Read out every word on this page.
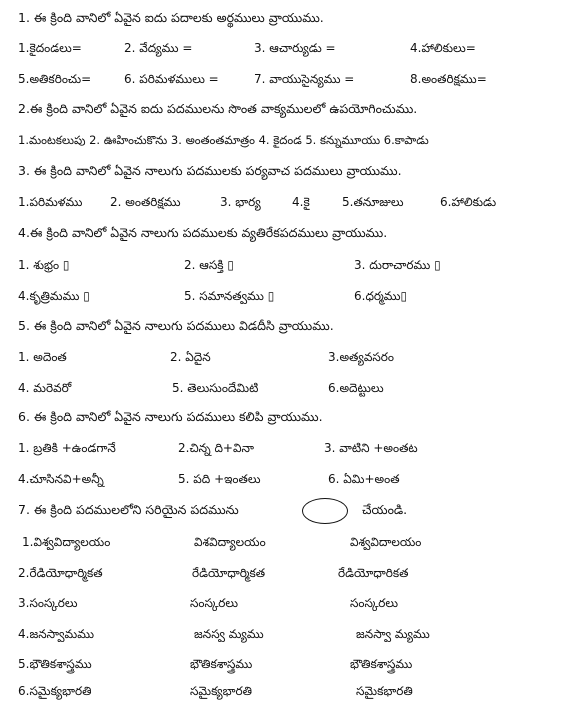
1. ఈ క్రింది వానిలో ఏవైన ఐదు పదాలకు అర్థములు వ్రాయుము.
1.కైదండలు=	2. వేద్యము =	3. ఆచార్యుడు =	4.హాలికులు=
5.అతికరించు=	6. పరిమళములు =	7. వాయుసైన్యము =	8.అంతరిక్షము=
2.ఈ క్రింది వానిలో ఏవైన ఐదు పదములను సొంత వాక్యములలో ఉపయోగించుము.
1.మంటకలుపు 2. ఊహించుకొను 3. అంతంతమాత్రం 4. కైదండ 5. కన్నుమూయు 6.కాపాడు
3. ఈ క్రింది వానిలో ఏవైన నాలుగు పదములకు పర్యవాచ పదములు వ్రాయుము.
1.పరిమళము 2. అంతరిక్షము	3. భార్య	4.కై	5.తనూజులు	6.హాలికుడు
4.ఈ క్రింది వానిలో ఏవైన నాలుగు పదములకు వ్యతిరేకపదములు వ్రాయుము.
1. శుభ్రం ▯	2. ఆసక్తి ▯	3. దురాచారము ▯
4.కృత్రిమము ▯	5. సమానత్వము ▯	6.ధర్మము▯
5. ఈ క్రింది వానిలో ఏవైన నాలుగు పదములు విడదీసి వ్రాయుము.
1. అదెంత	2. ఏదైన	3.అత్యవసరం
4. మరెవరో	5. తెలుసుందేమిటి	6.అదెట్టులు
6. ఈ క్రింది వానిలో ఏవైన నాలుగు పదములు కలిపి వ్రాయుము.
1. బ్రతికి +ఉండగానే	2.చిన్న ది+వినా	3. వాటిని +అంతట
4.చూసినవి+అన్నీ	5. పది +ఇంతలు	6. ఏమి+అంత
7. ఈ క్రింది పదములలోని సరియైన పదమును	చేయండి.
1.విశ్వవిద్యాలయం	విశవిద్యాలయం	విశ్వవిదాలయం
2.రేడియోధార్మికత	రేడియోధార్మికత	రేడియోధారికత
3.సంస్కరలు	సంస్కరలు	సంస్కరలు
4.జనస్వామము	జనస్వ మ్యము	జనస్వా మ్యము
5.భౌతికశాస్త్రము	భౌతికశాస్త్రము	భౌతికశాస్త్రము
6.సమైక్యభారతి	సమైక్యభారతి	సమైకభారతి
